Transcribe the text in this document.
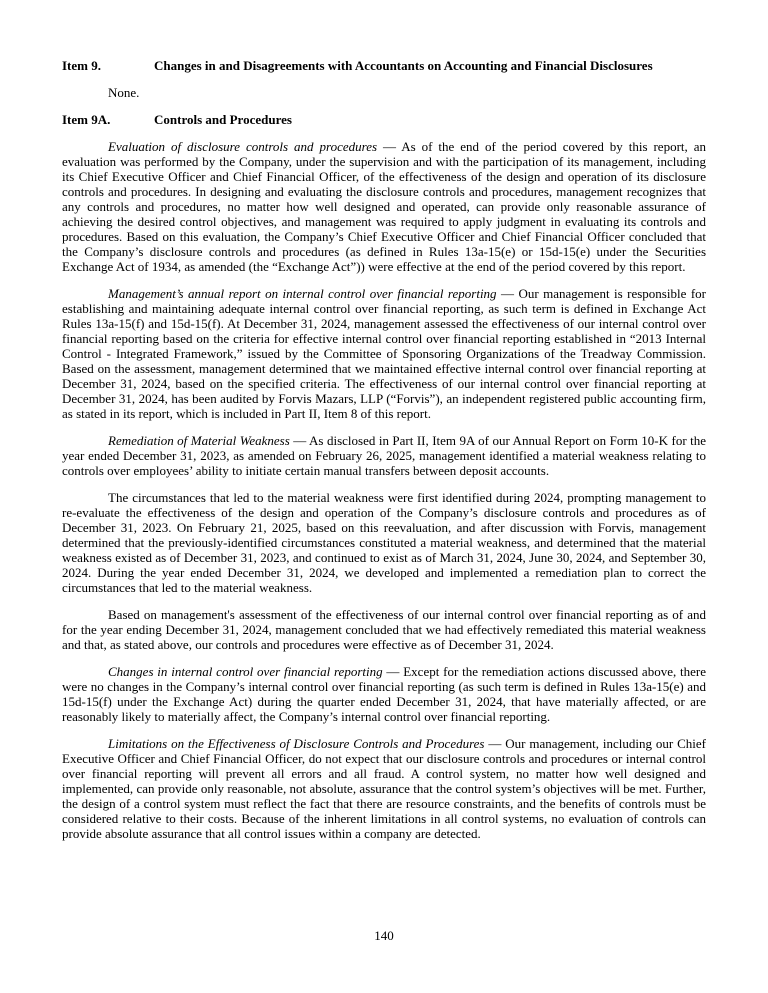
Item 9.	Changes in and Disagreements with Accountants on Accounting and Financial Disclosures

None.

Item 9A.	Controls and Procedures

Evaluation of disclosure controls and procedures — As of the end of the period covered by this report, an evaluation was performed by the Company, under the supervision and with the participation of its management, including its Chief Executive Officer and Chief Financial Officer, of the effectiveness of the design and operation of its disclosure controls and procedures. In designing and evaluating the disclosure controls and procedures, management recognizes that any controls and procedures, no matter how well designed and operated, can provide only reasonable assurance of achieving the desired control objectives, and management was required to apply judgment in evaluating its controls and procedures. Based on this evaluation, the Company’s Chief Executive Officer and Chief Financial Officer concluded that the Company’s disclosure controls and procedures (as defined in Rules 13a-15(e) or 15d-15(e) under the Securities Exchange Act of 1934, as amended (the “Exchange Act”)) were effective at the end of the period covered by this report.

Management’s annual report on internal control over financial reporting — Our management is responsible for establishing and maintaining adequate internal control over financial reporting, as such term is defined in Exchange Act Rules 13a-15(f) and 15d-15(f). At December 31, 2024, management assessed the effectiveness of our internal control over financial reporting based on the criteria for effective internal control over financial reporting established in “2013 Internal Control - Integrated Framework,” issued by the Committee of Sponsoring Organizations of the Treadway Commission. Based on the assessment, management determined that we maintained effective internal control over financial reporting at December 31, 2024, based on the specified criteria. The effectiveness of our internal control over financial reporting at December 31, 2024, has been audited by Forvis Mazars, LLP (“Forvis”), an independent registered public accounting firm, as stated in its report, which is included in Part II, Item 8 of this report.

Remediation of Material Weakness — As disclosed in Part II, Item 9A of our Annual Report on Form 10-K for the year ended December 31, 2023, as amended on February 26, 2025, management identified a material weakness relating to controls over employees’ ability to initiate certain manual transfers between deposit accounts.

The circumstances that led to the material weakness were first identified during 2024, prompting management to re-evaluate the effectiveness of the design and operation of the Company’s disclosure controls and procedures as of December 31, 2023. On February 21, 2025, based on this reevaluation, and after discussion with Forvis, management determined that the previously-identified circumstances constituted a material weakness, and determined that the material weakness existed as of December 31, 2023, and continued to exist as of March 31, 2024, June 30, 2024, and September 30, 2024. During the year ended December 31, 2024, we developed and implemented a remediation plan to correct the circumstances that led to the material weakness.

Based on management's assessment of the effectiveness of our internal control over financial reporting as of and for the year ending December 31, 2024, management concluded that we had effectively remediated this material weakness and that, as stated above, our controls and procedures were effective as of December 31, 2024.

Changes in internal control over financial reporting — Except for the remediation actions discussed above, there were no changes in the Company’s internal control over financial reporting (as such term is defined in Rules 13a-15(e) and 15d-15(f) under the Exchange Act) during the quarter ended December 31, 2024, that have materially affected, or are reasonably likely to materially affect, the Company’s internal control over financial reporting.

Limitations on the Effectiveness of Disclosure Controls and Procedures — Our management, including our Chief Executive Officer and Chief Financial Officer, do not expect that our disclosure controls and procedures or internal control over financial reporting will prevent all errors and all fraud. A control system, no matter how well designed and implemented, can provide only reasonable, not absolute, assurance that the control system’s objectives will be met. Further, the design of a control system must reflect the fact that there are resource constraints, and the benefits of controls must be considered relative to their costs. Because of the inherent limitations in all control systems, no evaluation of controls can provide absolute assurance that all control issues within a company are detected.

140
